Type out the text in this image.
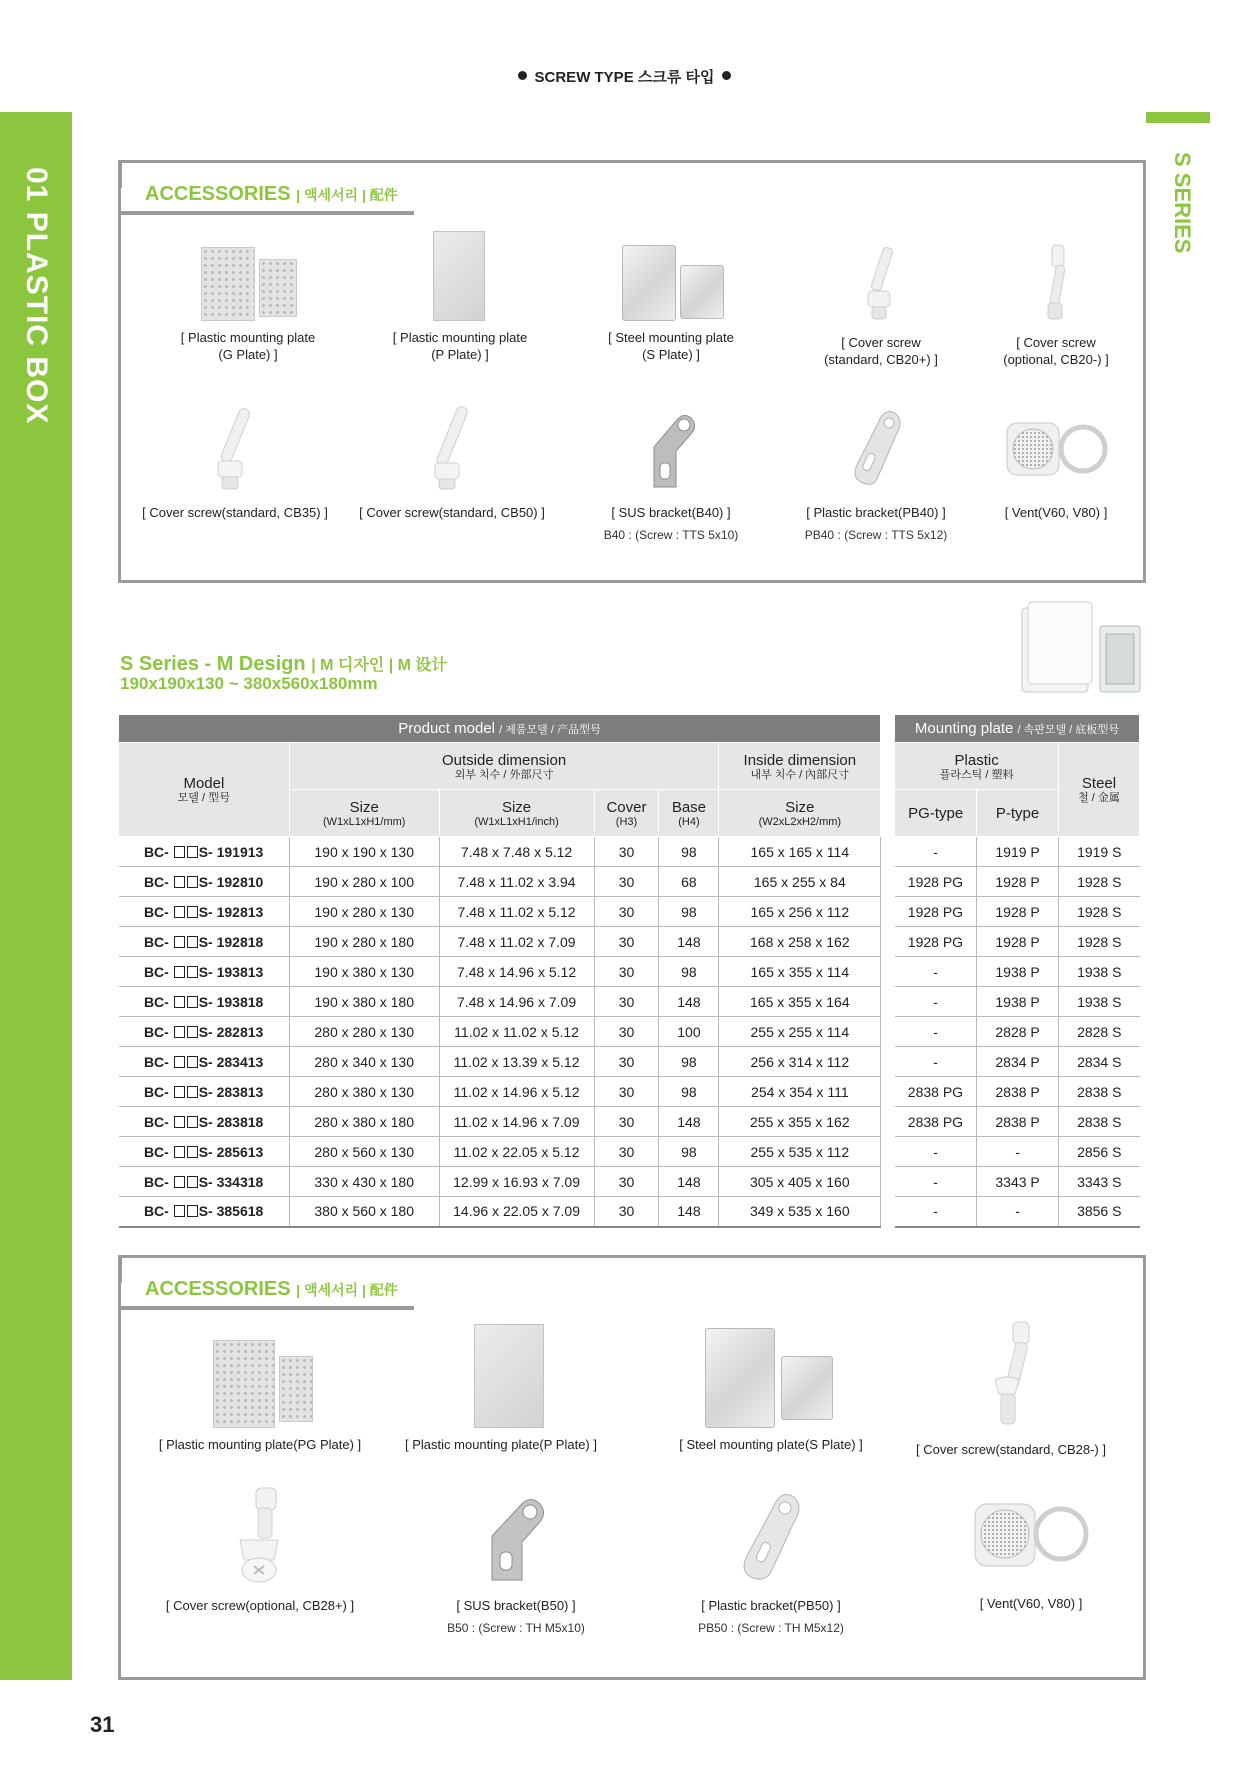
SCREW TYPE 스크류 타입
01 PLASTIC BOX	S SERIES
ACCESSORIES | 액세서리 | 配件
[ Plastic mounting plate
(G Plate) ]
[ Plastic mounting plate
(P Plate) ]
[ Steel mounting plate
(S Plate) ]
[ Cover screw
(standard, CB20+) ]
[ Cover screw
(optional, CB20-) ]
[ Cover screw(standard, CB35) ]	[ Cover screw(standard, CB50) ]	[ SUS bracket(B40) ]
B40 : (Screw : TTS 5x10)
[ Plastic bracket(PB40) ]
PB40 : (Screw : TTS 5x12)
[ Vent(V60, V80) ]
S Series - M Design | M 디자인 | M 设计
190x190x130 ~ 380x560x180mm
Product model / 제품모델 / 产品型号							Mounting plate / 속판모델 / 底板型号		
Model
모델 / 型号	Outside dimension
외부 치수 / 外部尺寸				Inside dimension
내부 치수 / 內部尺寸		Plastic
플라스틱 / 塑料		Steel
철 / 金属

	Size
(W1xL1xH1/mm)	Size
(W1xL1xH1/inch)	Cover
(H3)	Base
(H4)	Size
(W2xL2xH2/mm)		PG-type	P-type	
BC- S- 191913	190 x 190 x 130	7.48 x 7.48 x 5.12	30	98	165 x 165 x 114		-	1919 P	1919 S
BC- S- 192810	190 x 280 x 100	7.48 x 11.02 x 3.94	30	68	165 x 255 x 84		1928 PG	1928 P	1928 S
BC- S- 192813	190 x 280 x 130	7.48 x 11.02 x 5.12	30	98	165 x 256 x 112		1928 PG	1928 P	1928 S
BC- S- 192818	190 x 280 x 180	7.48 x 11.02 x 7.09	30	148	168 x 258 x 162		1928 PG	1928 P	1928 S
BC- S- 193813	190 x 380 x 130	7.48 x 14.96 x 5.12	30	98	165 x 355 x 114		-	1938 P	1938 S
BC- S- 193818	190 x 380 x 180	7.48 x 14.96 x 7.09	30	148	165 x 355 x 164		-	1938 P	1938 S
BC- S- 282813	280 x 280 x 130	11.02 x 11.02 x 5.12	30	100	255 x 255 x 114		-	2828 P	2828 S
BC- S- 283413	280 x 340 x 130	11.02 x 13.39 x 5.12	30	98	256 x 314 x 112		-	2834 P	2834 S
BC- S- 283813	280 x 380 x 130	11.02 x 14.96 x 5.12	30	98	254 x 354 x 111		2838 PG	2838 P	2838 S
BC- S- 283818	280 x 380 x 180	11.02 x 14.96 x 7.09	30	148	255 x 355 x 162		2838 PG	2838 P	2838 S
BC- S- 285613	280 x 560 x 130	11.02 x 22.05 x 5.12	30	98	255 x 535 x 112		-	-	2856 S
BC- S- 334318	330 x 430 x 180	12.99 x 16.93 x 7.09	30	148	305 x 405 x 160		-	3343 P	3343 S
BC- S- 385618	380 x 560 x 180	14.96 x 22.05 x 7.09	30	148	349 x 535 x 160		-	-	3856 S
ACCESSORIES | 액세서리 | 配件
[ Plastic mounting plate(PG Plate) ]	[ Plastic mounting plate(P Plate) ]	[ Steel mounting plate(S Plate) ]	[ Cover screw(standard, CB28-) ]
[ Cover screw(optional, CB28+) ]	[ SUS bracket(B50) ]
B50 : (Screw : TH M5x10)
[ Plastic bracket(PB50) ]
PB50 : (Screw : TH M5x12)
[ Vent(V60, V80) ]
31
